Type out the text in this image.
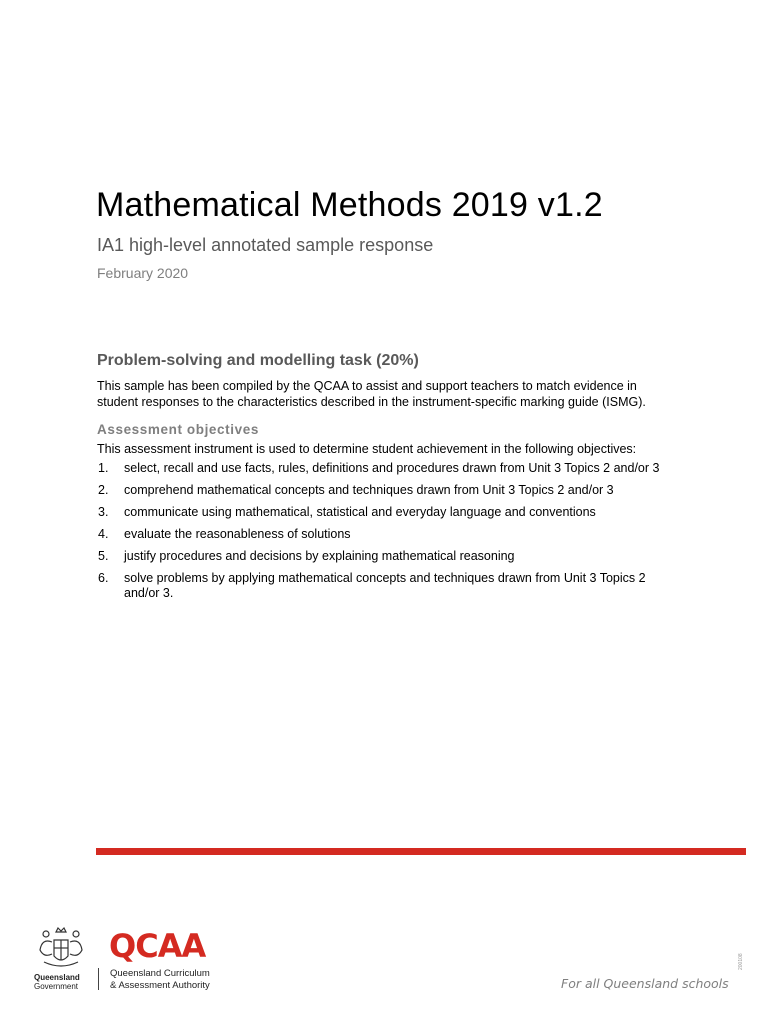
Mathematical Methods 2019 v1.2
IA1 high-level annotated sample response
February 2020
Problem-solving and modelling task (20%)

This sample has been compiled by the QCAA to assist and support teachers to match evidence in student responses to the characteristics described in the instrument-specific marking guide (ISMG).

Assessment objectives

This assessment instrument is used to determine student achievement in the following objectives:

1.	select, recall and use facts, rules, definitions and procedures drawn from Unit 3 Topics 2 and/or 3
2.	comprehend mathematical concepts and techniques drawn from Unit 3 Topics 2 and/or 3
3.	communicate using mathematical, statistical and everyday language and conventions
4.	evaluate the reasonableness of solutions
5.	justify procedures and decisions by explaining mathematical reasoning
6.	solve problems by applying mathematical concepts and techniques drawn from Unit 3 Topics 2 and/or 3.
Queensland
Government
QCAA
Queensland Curriculum
& Assessment Authority
200108
For all Queensland schools
